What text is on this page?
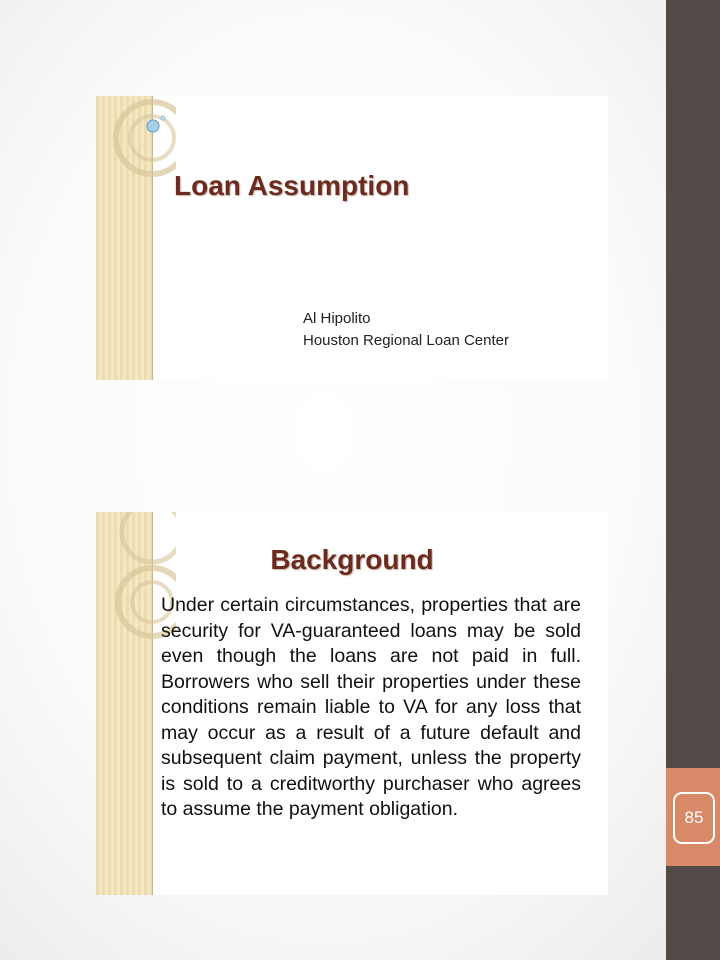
85
Loan Assumption
Al Hipolito
Houston Regional Loan Center
Background

Under certain circumstances, properties that are security for VA-guaranteed loans may be sold even though the loans are not paid in full. Borrowers who sell their properties under these conditions remain liable to VA for any loss that may occur as a result of a future default and subsequent claim payment, unless the property is sold to a creditworthy purchaser who agrees to assume the payment obligation.
